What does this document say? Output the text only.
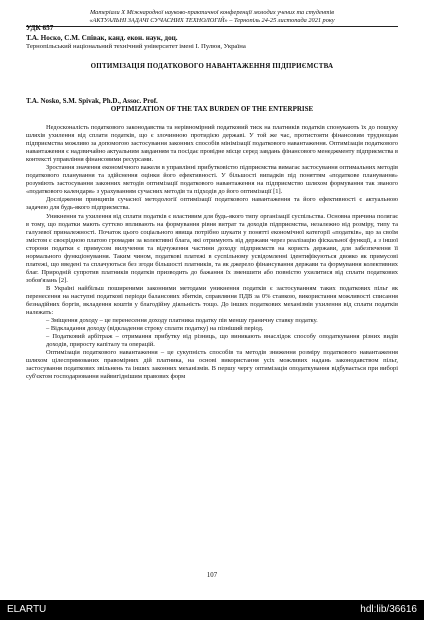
Матеріали Х Міжнародної науково-практичної конференції молодих учених та студентів
«АКТУАЛЬНІ ЗАДАЧІ СУЧАСНИХ ТЕХНОЛОГІЙ» – Тернопіль 24-25 листопада 2021 року
УДК 657
Т.А. Носко, С.М. Співак, канд. екон. наук, доц.
Тернопільський національний технічний університет імені І. Пулюя, Україна
ОПТИМІЗАЦІЯ ПОДАТКОВОГО НАВАНТАЖЕННЯ ПІДПРИЄМСТВА
T.A. Nosko, S.M. Spivak, Ph.D., Assoc. Prof.
OPTIMIZATION OF THE TAX BURDEN OF THE ENTERPRISE

Недосконалість податкового законодавства та нерівномірний податковий тиск на платників податків спонукають їх до пошуку шляхів ухилення від сплати податків, що є злочинною протидією державі. У той же час, протистояти фінансовим труднощам підприємства можливо за допомогою застосування законних способів мінімізації податкового навантаження. Оптимізація податкового навантаження є надзвичайно актуальним завданням та посідає провідне місце серед завдань фінансового менеджменту підприємства в контексті управління фінансовими ресурсами.

Зростання значення економічного важеля в управлінні прибутковістю підприємства вимагає застосування оптимальних методів податкового планування та здійснення оцінки його ефективності. У більшості випадків під поняттям «податкове планування» розуміють застосування законних методів оптимізації податкового навантаження на підприємство шляхом формування так званого «податкового календаря» з урахуванням сучасних методів та підходів до його оптимізації [1].

Дослідження принципів сучасної методології оптимізації податкового навантаження та його ефективності є актуальною задачею для будь-якого підприємства.

Уникнення та ухилення від сплати податків є властивим для будь-якого типу організації суспільства. Основна причина полягає в тому, що податки мають суттєво впливають на формування рівня витрат та доходів підприємства, незалежно від розміру, типу та галузевої приналежності. Початок цього соціального явища потрібно шукати у понятті економічної категорії «податків», що за своїм змістом є своєрідною платою громадян за колективні блага, які отримують від держави через реалізацію фіскальної функції, а з іншої сторони податки є примусом вилучення та відчуження частини доходу підприємств на користь держави, для забезпечення її нормального функціонування. Таким чином, податкові платежі в суспільному усвідомленні ідентифікуються двояко як примусові платежі, що введені та сплачуються без згоди більшості платників, та як джерело фінансування держави та формування колективних благ. Природній супротив платників податків призводить до бажання їх зменшити або повністю ухилитися від сплати податкових зобов'язань [2].

В Україні найбільш поширеними законними методами уникнення податків є застосуванням таких податкових пільг як перенесення на наступні податкові періоди балансових збитків, справляння ПДВ за 0% ставкою, використання можливості списання безнадійних боргів, вкладення коштів у благодійну діяльність тощо. До інших податкових механізмів ухилення від сплати податків належать:

– Зміщення доходу – це перенесення доходу платника податку пів меншу граничну ставку податку.

– Відкладання доходу (відкладення строку сплати податку) на пізніший період.

– Податковий арбітраж – отримання прибутку від різниць, що виникають внаслідок способу оподаткування різних видів доходів, приросту капіталу та операцій.

Оптимізація податкового навантаження – це сукупність способів та методів зниження розміру податкового навантаження шляхом цілеспрямованих правомірних дій платника, на основі використання усіх можливих надань законодавством пільг, застосування податкових звільнень та інших законних механізмів. В першу чергу оптимізація оподаткування відбувається при виборі суб'єктом господарювання найвигіднішим правових форм

107
ELARTU	hdl:lib/36616
